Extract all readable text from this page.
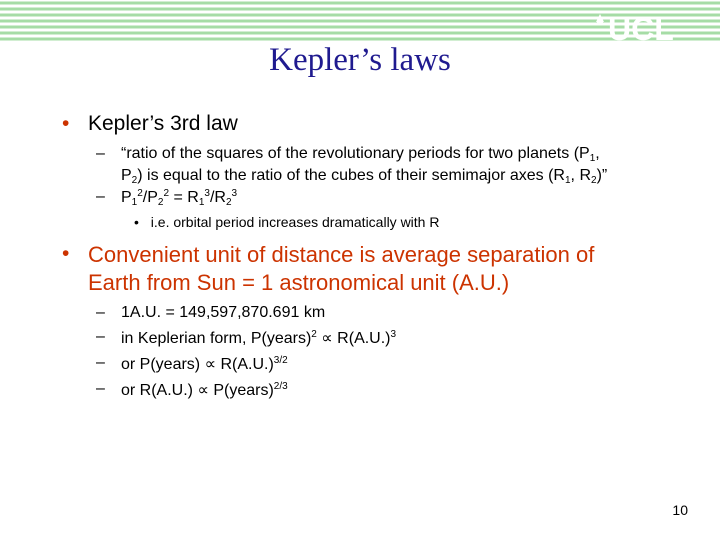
UCL
Kepler’s laws
• Kepler’s 3rd law
– “ratio of the squares of the revolutionary periods for two planets ($P_1$,
$P_2$) is equal to the ratio of the cubes of their semimajor axes ($R_1$, $R_2$)”
– $P_1^2/P_2^2 = R_1^3/R_2^3$
• i.e. orbital period increases dramatically with R
• Convenient unit of distance is average separation of
Earth from Sun = 1 astronomical unit (A.U.)
– 1A.U. = 149,597,870.691 km
– in Keplerian form, P(years)$^2$ ∝ $R(A.U.)^3$
– or P(years) ∝ $R(A.U.)^{3/2}$
– or R(A.U.) ∝ P(years)$^{2/3}$
10
